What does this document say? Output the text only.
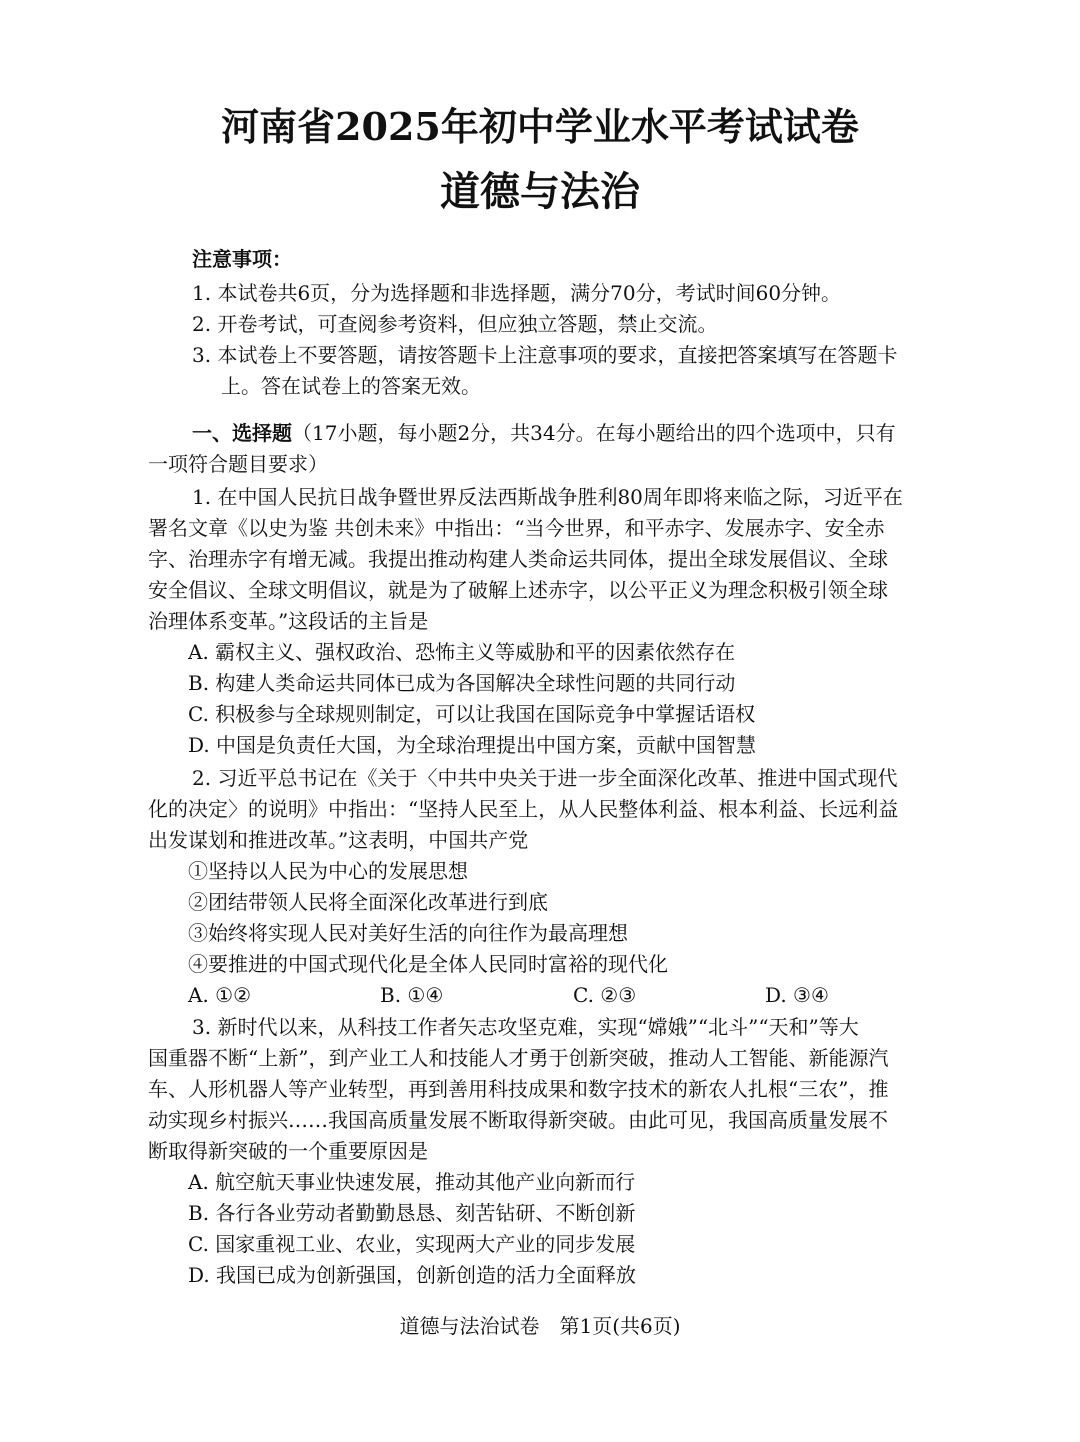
河南省2025年初中学业水平考试试卷
道德与法治
注意事项：
1. 本试卷共6页，分为选择题和非选择题，满分70分，考试时间60分钟。
2. 开卷考试，可查阅参考资料，但应独立答题，禁止交流。
3. 本试卷上不要答题，请按答题卡上注意事项的要求，直接把答案填写在答题卡
上。答在试卷上的答案无效。
一、选择题（17小题，每小题2分，共34分。在每小题给出的四个选项中，只有
一项符合题目要求）
1. 在中国人民抗日战争暨世界反法西斯战争胜利80周年即将来临之际，习近平在
署名文章《以史为鉴 共创未来》中指出：“当今世界，和平赤字、发展赤字、安全赤
字、治理赤字有增无减。我提出推动构建人类命运共同体，提出全球发展倡议、全球
安全倡议、全球文明倡议，就是为了破解上述赤字，以公平正义为理念积极引领全球
治理体系变革。”这段话的主旨是
A. 霸权主义、强权政治、恐怖主义等威胁和平的因素依然存在
B. 构建人类命运共同体已成为各国解决全球性问题的共同行动
C. 积极参与全球规则制定，可以让我国在国际竞争中掌握话语权
D. 中国是负责任大国，为全球治理提出中国方案，贡献中国智慧
2. 习近平总书记在《关于〈中共中央关于进一步全面深化改革、推进中国式现代
化的决定〉的说明》中指出：“坚持人民至上，从人民整体利益、根本利益、长远利益
出发谋划和推进改革。”这表明，中国共产党
①坚持以人民为中心的发展思想
②团结带领人民将全面深化改革进行到底
③始终将实现人民对美好生活的向往作为最高理想
④要推进的中国式现代化是全体人民同时富裕的现代化
A. ①②	B. ①④	C. ②③	D. ③④
3. 新时代以来，从科技工作者矢志攻坚克难，实现“嫦娥”“北斗”“天和”等大
国重器不断“上新”，到产业工人和技能人才勇于创新突破，推动人工智能、新能源汽
车、人形机器人等产业转型，再到善用科技成果和数字技术的新农人扎根“三农”，推
动实现乡村振兴……我国高质量发展不断取得新突破。由此可见，我国高质量发展不
断取得新突破的一个重要原因是
A. 航空航天事业快速发展，推动其他产业向新而行
B. 各行各业劳动者勤勤恳恳、刻苦钻研、不断创新
C. 国家重视工业、农业，实现两大产业的同步发展
D. 我国已成为创新强国，创新创造的活力全面释放
道德与法治试卷　第1页(共6页)
